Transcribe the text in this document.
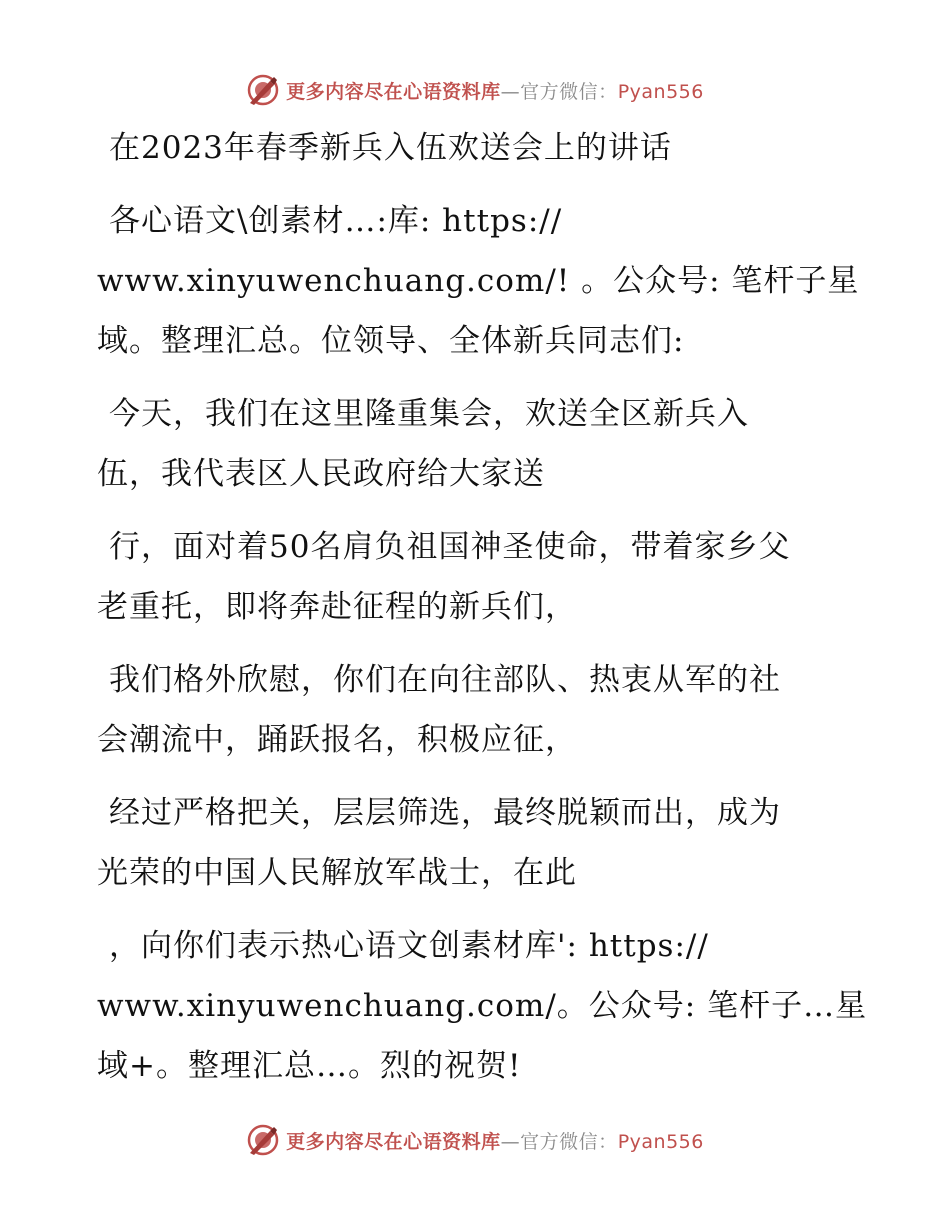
更多内容尽在心语资料库—官方微信：Pyan556
在2023年春季新兵入伍欢送会上的讲话
各心语文\创素材…:库: https://
www.xinyuwenchuang.com/! 。公众号: 笔杆子星
域。整理汇总。位领导、全体新兵同志们:
今天，我们在这里隆重集会，欢送全区新兵入
伍，我代表区人民政府给大家送
行，面对着50名肩负祖国神圣使命，带着家乡父
老重托，即将奔赴征程的新兵们，
我们格外欣慰，你们在向往部队、热衷从军的社
会潮流中，踊跃报名，积极应征，
经过严格把关，层层筛选，最终脱颖而出，成为
光荣的中国人民解放军战士，在此
，向你们表示热心语文创素材库': https://
www.xinyuwenchuang.com/。公众号: 笔杆子…星
域+。整理汇总…。烈的祝贺!
更多内容尽在心语资料库—官方微信：Pyan556
